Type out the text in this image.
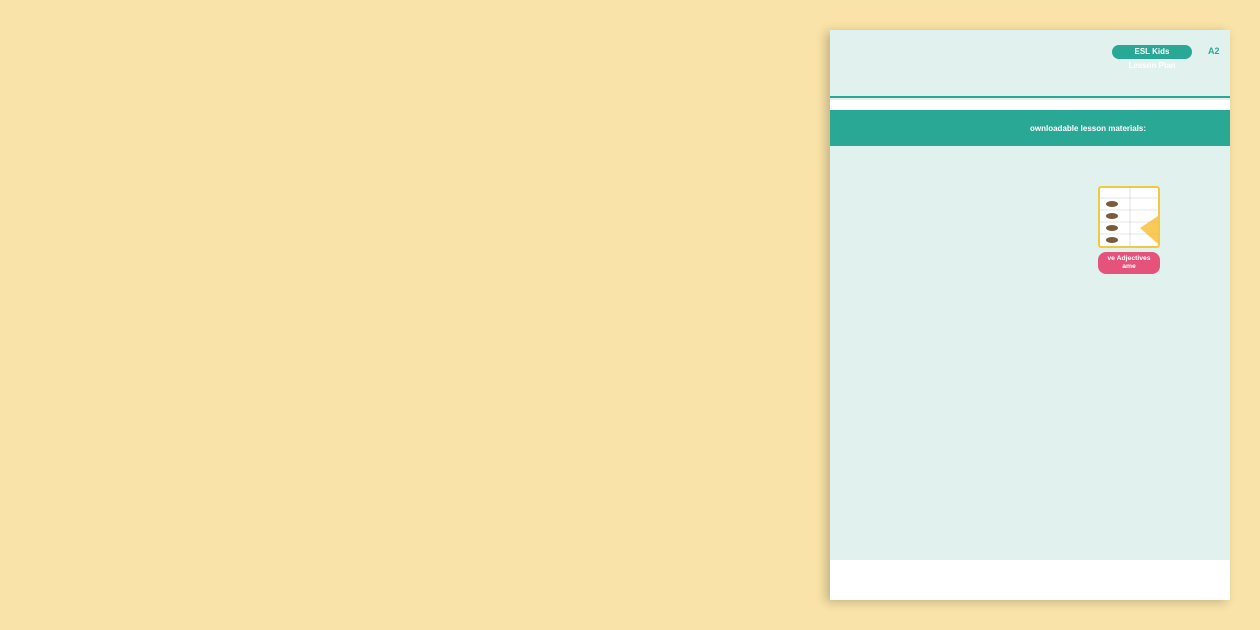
ESL Kids Lesson Plan
A2
ownloadable lesson materials:
ve Adjectives ame
